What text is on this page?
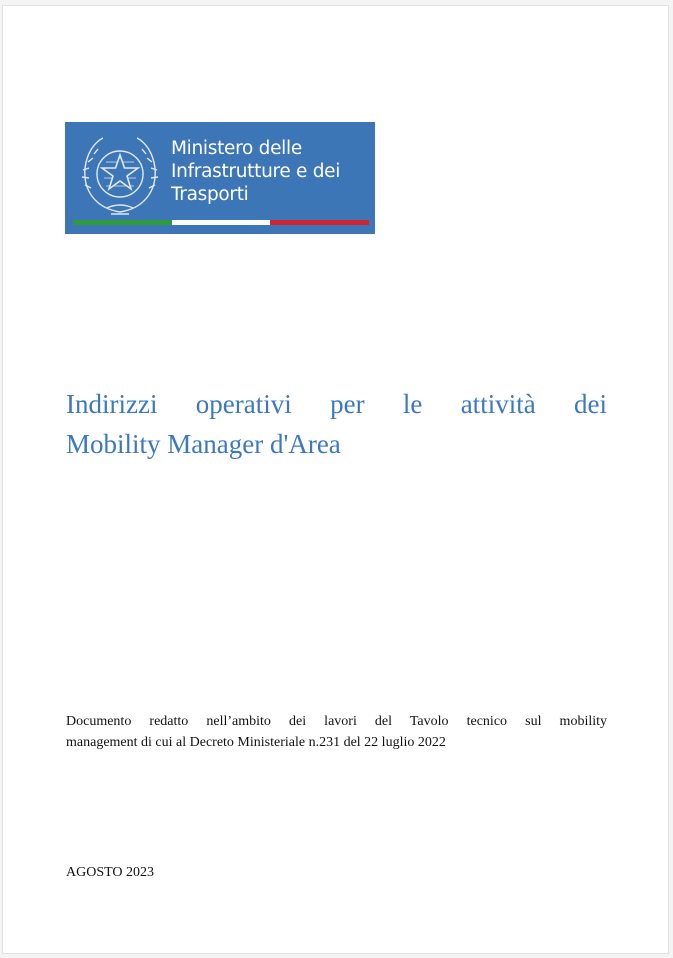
Ministero delle
Infrastrutture e dei
Trasporti
Indirizzi operativi per le attività dei
Mobility Manager d'Area

Documento redatto nell’ambito dei lavori del Tavolo tecnico sul mobility
management di cui al Decreto Ministeriale n.231 del 22 luglio 2022

AGOSTO 2023
